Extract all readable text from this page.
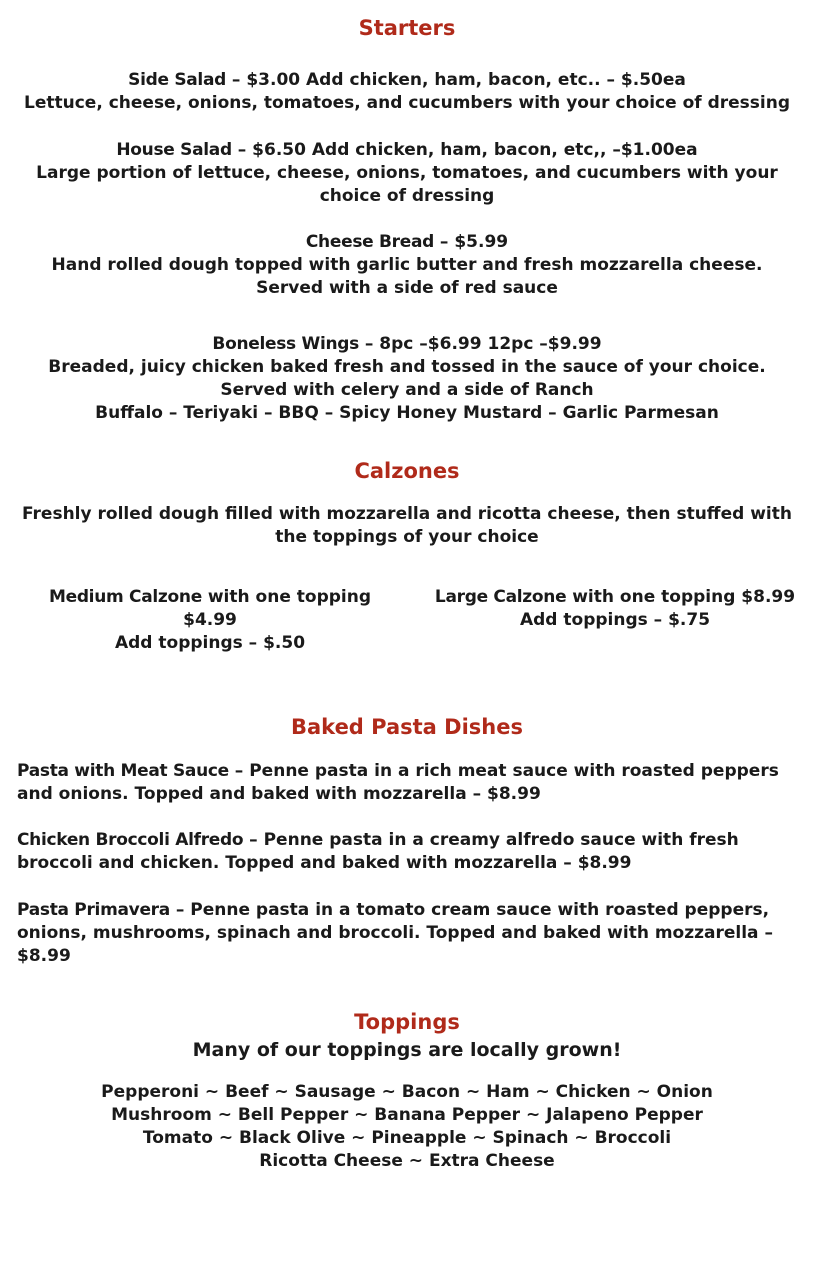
Starters

Side Salad – $3.00 Add chicken, ham, bacon, etc.. – $.50ea

Lettuce, cheese, onions, tomatoes, and cucumbers with your choice of dressing

House Salad – $6.50 Add chicken, ham, bacon, etc,, –$1.00ea

Large portion of lettuce, cheese, onions, tomatoes, and cucumbers with your choice of dressing

Cheese Bread – $5.99

Hand rolled dough topped with garlic butter and fresh mozzarella cheese. Served with a side of red sauce

Boneless Wings – 8pc –$6.99 12pc –$9.99

Breaded, juicy chicken baked fresh and tossed in the sauce of your choice.

Served with celery and a side of Ranch

Buffalo – Teriyaki – BBQ – Spicy Honey Mustard – Garlic Parmesan

Calzones

Freshly rolled dough filled with mozzarella and ricotta cheese, then stuffed with the toppings of your choice

Medium Calzone with one topping $4.99

Add toppings – $.50

Large Calzone with one topping $8.99

Add toppings – $.75

Baked Pasta Dishes

Pasta with Meat Sauce – Penne pasta in a rich meat sauce with roasted peppers and onions. Topped and baked with mozzarella – $8.99

Chicken Broccoli Alfredo – Penne pasta in a creamy alfredo sauce with fresh broccoli and chicken. Topped and baked with mozzarella – $8.99

Pasta Primavera – Penne pasta in a tomato cream sauce with roasted peppers, onions, mushrooms, spinach and broccoli. Topped and baked with mozzarella – $8.99

Toppings

Many of our toppings are locally grown!

Pepperoni ~ Beef ~ Sausage ~ Bacon ~ Ham ~ Chicken ~ Onion

Mushroom ~ Bell Pepper ~ Banana Pepper ~ Jalapeno Pepper

Tomato ~ Black Olive ~ Pineapple ~ Spinach ~ Broccoli

Ricotta Cheese ~ Extra Cheese
